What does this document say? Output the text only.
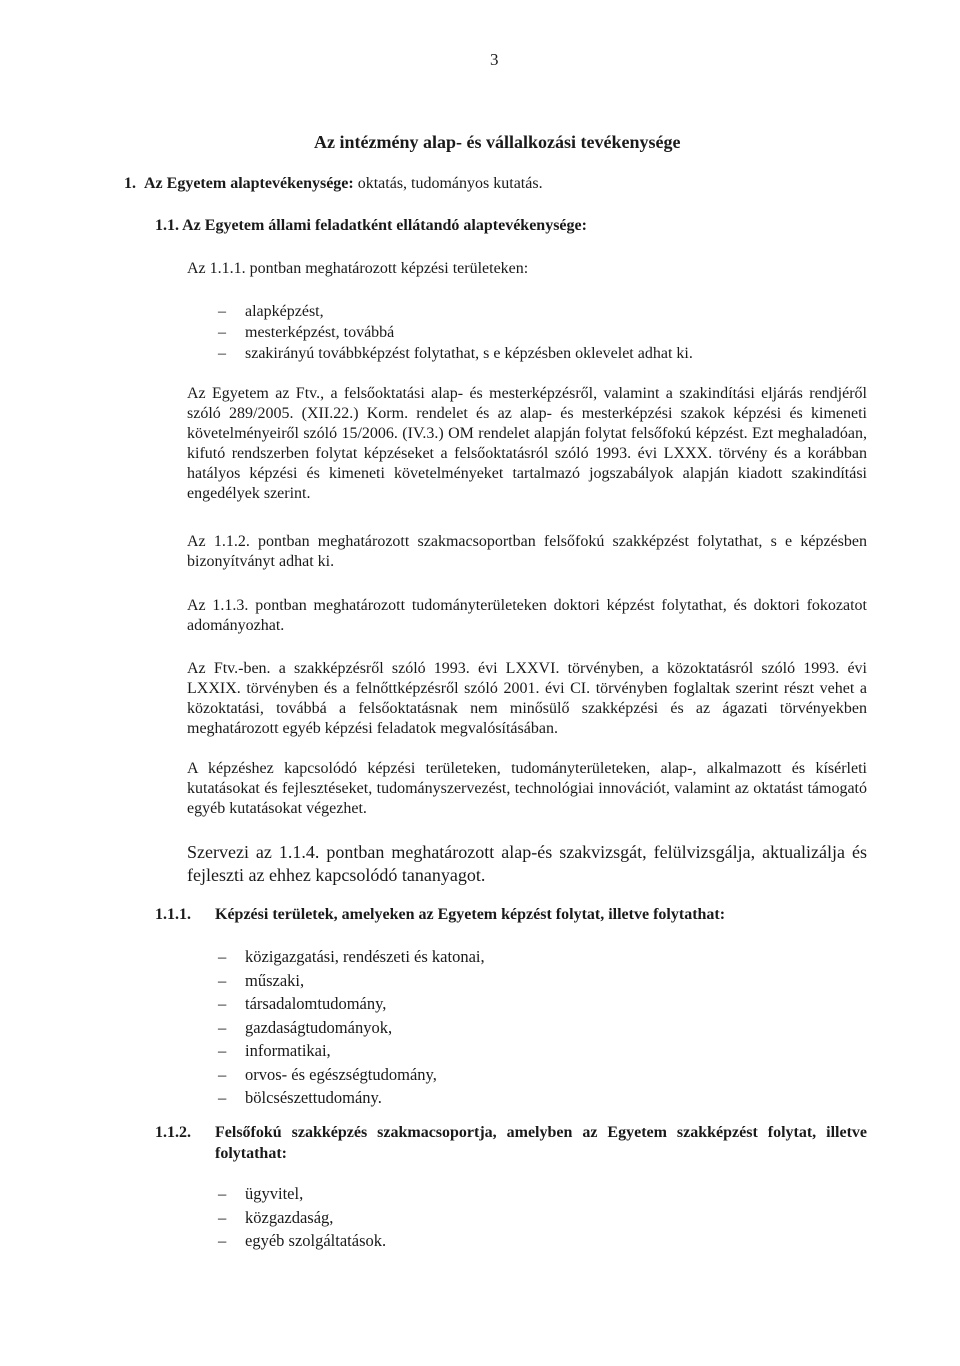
3
Az intézmény alap- és vállalkozási tevékenysége

1. Az Egyetem alaptevékenysége: oktatás, tudományos kutatás.

1.1. Az Egyetem állami feladatként ellátandó alaptevékenysége:

Az 1.1.1. pontban meghatározott képzési területeken:

– alapképzést,
– mesterképzést, továbbá
– szakirányú továbbképzést folytathat, s e képzésben oklevelet adhat ki.

Az Egyetem az Ftv., a felsőoktatási alap- és mesterképzésről, valamint a szakindítási eljárás rendjéről szóló 289/2005. (XII.22.) Korm. rendelet és az alap- és mesterképzési szakok képzési és kimeneti követelményeiről szóló 15/2006. (IV.3.) OM rendelet alapján folytat felsőfokú képzést. Ezt meghaladóan, kifutó rendszerben folytat képzéseket a felsőoktatásról szóló 1993. évi LXXX. törvény és a korábban hatályos képzési és kimeneti követelményeket tartalmazó jogszabályok alapján kiadott szakindítási engedélyek szerint.

Az 1.1.2. pontban meghatározott szakmacsoportban felsőfokú szakképzést folytathat, s e képzésben bizonyítványt adhat ki.

Az 1.1.3. pontban meghatározott tudományterületeken doktori képzést folytathat, és doktori fokozatot adományozhat.

Az Ftv.-ben. a szakképzésről szóló 1993. évi LXXVI. törvényben, a közoktatásról szóló 1993. évi LXXIX. törvényben és a felnőttképzésről szóló 2001. évi CI. törvényben foglaltak szerint részt vehet a közoktatási, továbbá a felsőoktatásnak nem minősülő szakképzési és az ágazati törvényekben meghatározott egyéb képzési feladatok megvalósításában.

A képzéshez kapcsolódó képzési területeken, tudományterületeken, alap-, alkalmazott és kísérleti kutatásokat és fejlesztéseket, tudományszervezést, technológiai innovációt, valamint az oktatást támogató egyéb kutatásokat végezhet.

Szervezi az 1.1.4. pontban meghatározott alap-és szakvizsgát, felülvizsgálja, aktualizálja és fejleszti az ehhez kapcsolódó tananyagot.

1.1.1. Képzési területek, amelyeken az Egyetem képzést folytat, illetve folytathat:
– közigazgatási, rendészeti és katonai,
– műszaki,
– társadalomtudomány,
– gazdaságtudományok,
– informatikai,
– orvos- és egészségtudomány,
– bölcsészettudomány.
1.1.2. Felsőfokú szakképzés szakmacsoportja, amelyben az Egyetem szakképzést folytat, illetve folytathat:
– ügyvitel,
– közgazdaság,
– egyéb szolgáltatások.
